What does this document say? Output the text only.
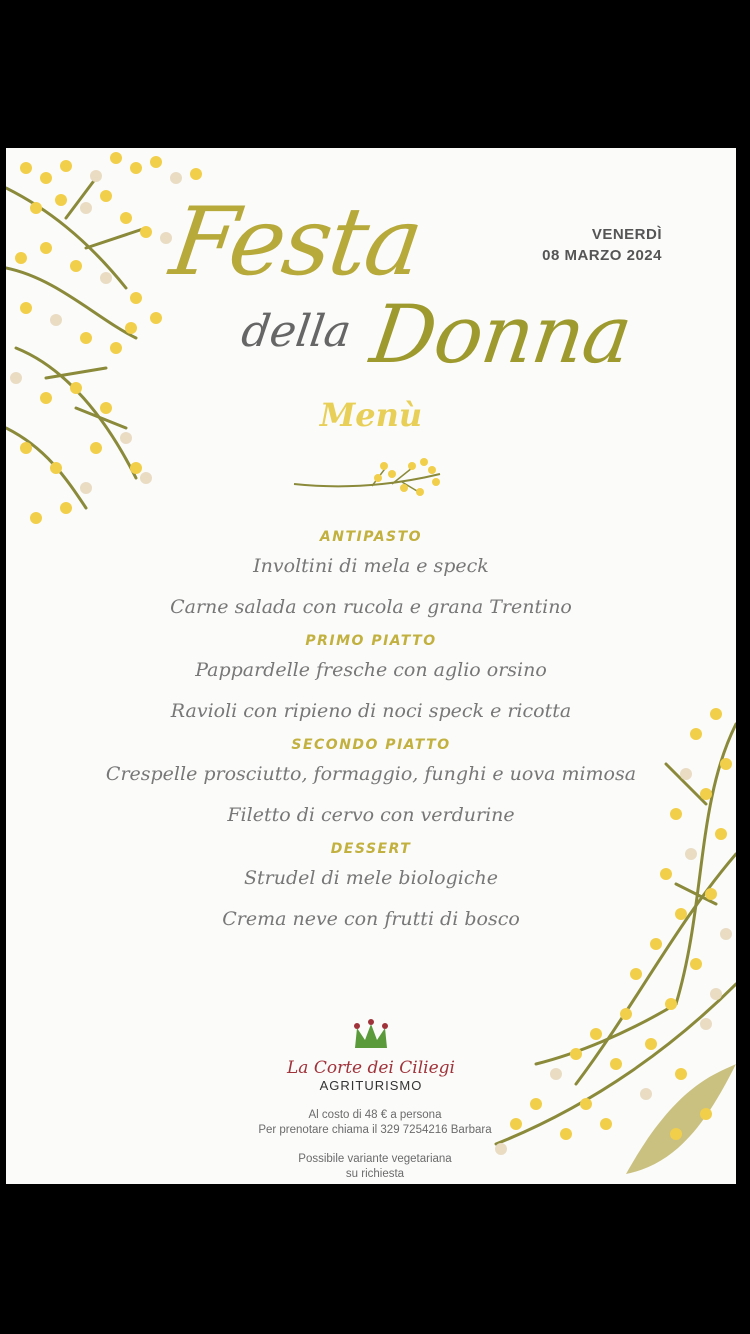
VENERDÌ
08 MARZO 2024
Festa
della Donna
Menù
ANTIPASTO
Involtini di mela e speck
Carne salada con rucola e grana Trentino
PRIMO PIATTO
Pappardelle fresche con aglio orsino
Ravioli con ripieno di noci speck e ricotta
SECONDO PIATTO
Crespelle prosciutto, formaggio, funghi e uova mimosa
Filetto di cervo con verdurine
DESSERT
Strudel di mele biologiche
Crema neve con frutti di bosco
La Corte dei Ciliegi
AGRITURISMO
Al costo di 48 € a persona
Per prenotare chiama il 329 7254216 Barbara
Possibile variante vegetariana
su richiesta
